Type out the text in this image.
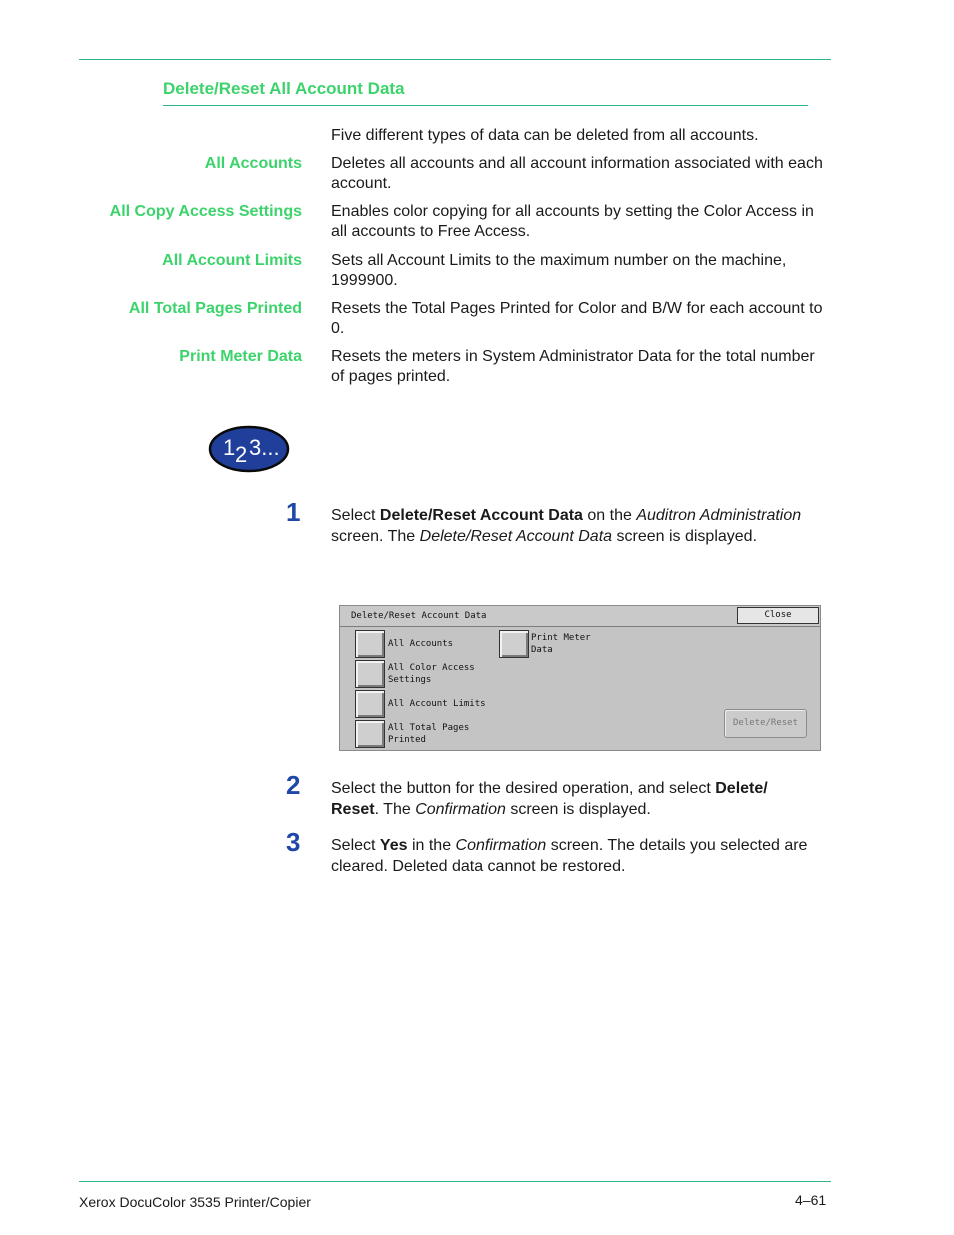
Delete/Reset All Account Data
Five different types of data can be deleted from all accounts.
All Accounts Deletes all accounts and all account information associated with each account.
All Copy Access Settings Enables color copying for all accounts by setting the Color Access in all accounts to Free Access.
All Account Limits Sets all Account Limits to the maximum number on the machine, 1999900.
All Total Pages Printed Resets the Total Pages Printed for Color and B/W for each account to 0.
Print Meter Data Resets the meters in System Administrator Data for the total number of pages printed.
1 2 3...
1 Select Delete/Reset Account Data on the Auditron Administration screen. The Delete/Reset Account Data screen is displayed.
Delete/Reset Account Data	Close
All Accounts
All Color Access
Settings
All Account Limits
All Total Pages
Printed
Print Meter
Data
Delete/Reset
2 Select the button for the desired operation, and select Delete/ Reset. The Confirmation screen is displayed.
3 Select Yes in the Confirmation screen. The details you selected are cleared. Deleted data cannot be restored.
Xerox DocuColor 3535 Printer/Copier	4–61
